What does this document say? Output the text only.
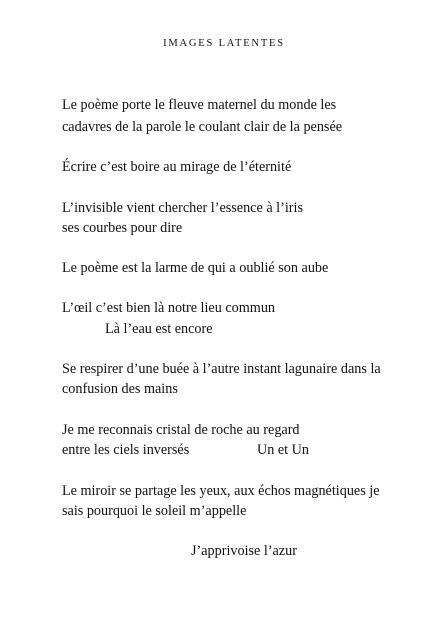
IMAGES LATENTES
Le poème porte le fleuve maternel du monde les
cadavres de la parole le coulant clair de la pensée
Écrire c’est boire au mirage de l’éternité
L’invisible vient chercher l’essence à l’iris
ses courbes pour dire
Le poème est la larme de qui a oublié son aube
L’œil c’est bien là notre lieu commun
Là l’eau est encore
Se respirer d’une buée à l’autre instant lagunaire dans la
confusion des mains
Je me reconnais cristal de roche au regard
entre les ciels inversés	Un et Un
Le miroir se partage les yeux, aux échos magnétiques je
sais pourquoi le soleil m’appelle
J’apprivoise l’azur
